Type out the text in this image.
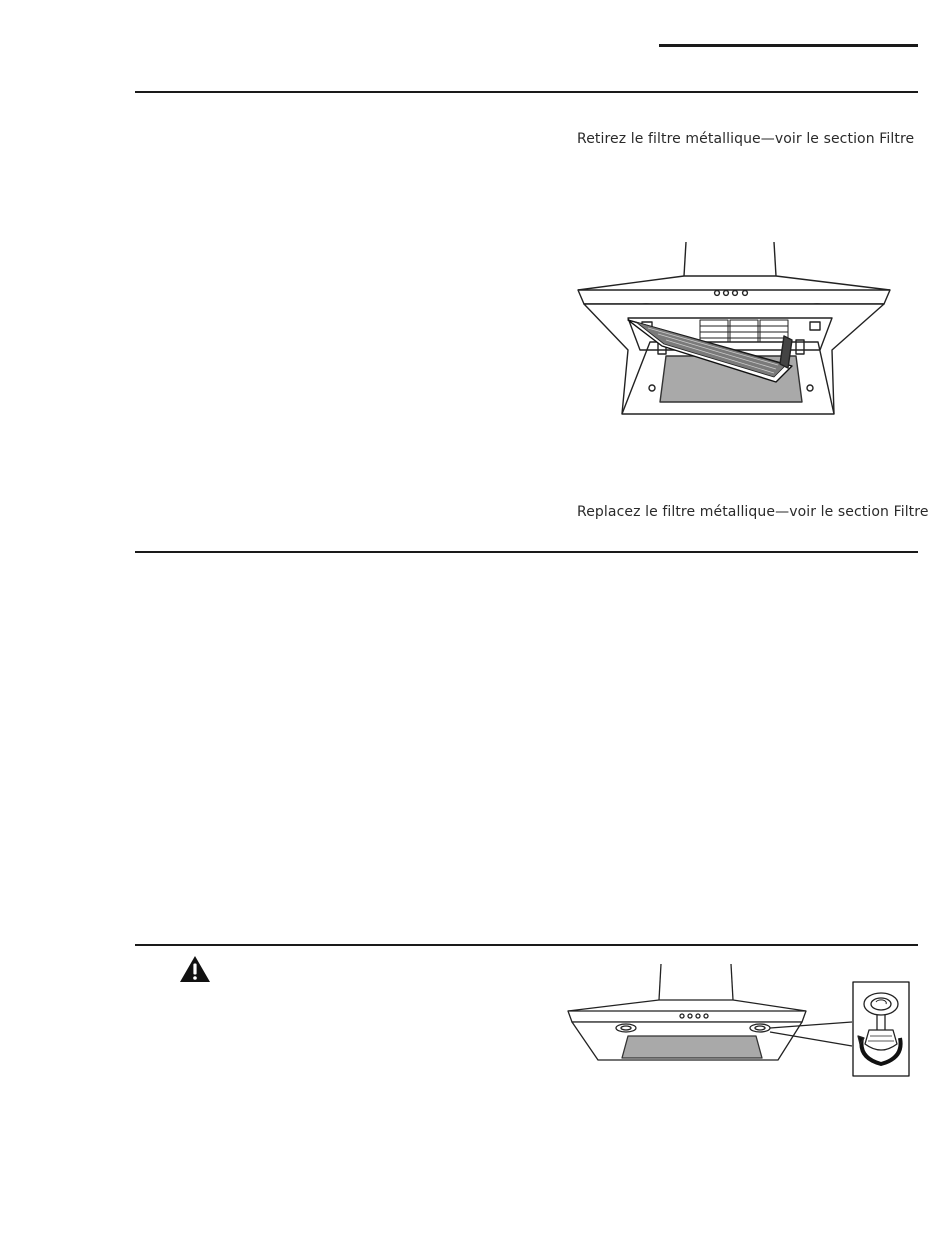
Retirez le filtre métallique—voir le section Filtre
Replacez le filtre métallique—voir le section Filtre
